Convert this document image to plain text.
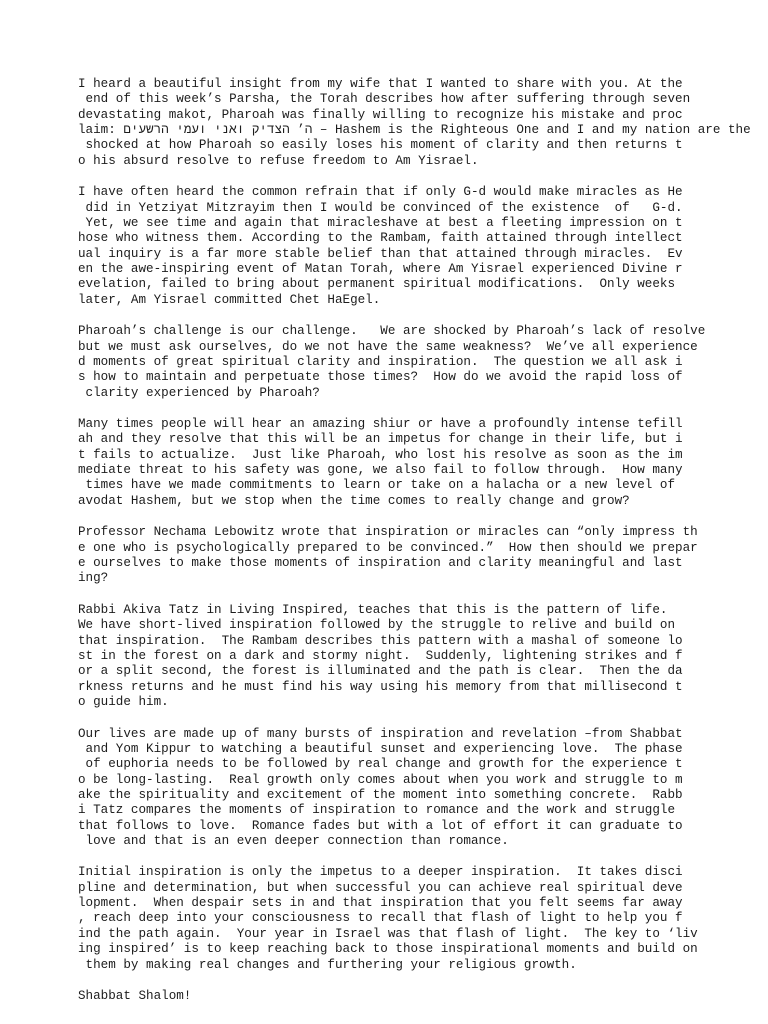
I heard a beautiful insight from my wife that I wanted to share with you. At the
end of this week’s Parsha, the Torah describes how after suffering through seven
devastating makot, Pharoah was finally willing to recognize his mistake and proc
laim: ה’ הצדיק ואני ועמי הרשעים – Hashem is the Righteous One and I and my nation are the
shocked at how Pharoah so easily loses his moment of clarity and then returns t
o his absurd resolve to refuse freedom to Am Yisrael.
I have often heard the common refrain that if only G-d would make miracles as He
did in Yetziyat Mitzrayim then I would be convinced of the existence  of   G-d.
Yet, we see time and again that miracleshave at best a fleeting impression on t
hose who witness them. According to the Rambam, faith attained through intellect
ual inquiry is a far more stable belief than that attained through miracles.  Ev
en the awe-inspiring event of Matan Torah, where Am Yisrael experienced Divine r
evelation, failed to bring about permanent spiritual modifications.  Only weeks
later, Am Yisrael committed Chet HaEgel.
Pharoah’s challenge is our challenge.   We are shocked by Pharoah’s lack of resolve
but we must ask ourselves, do we not have the same weakness?  We’ve all experience
d moments of great spiritual clarity and inspiration.  The question we all ask i
s how to maintain and perpetuate those times?  How do we avoid the rapid loss of
clarity experienced by Pharoah?
Many times people will hear an amazing shiur or have a profoundly intense tefill
ah and they resolve that this will be an impetus for change in their life, but i
t fails to actualize.  Just like Pharoah, who lost his resolve as soon as the im
mediate threat to his safety was gone, we also fail to follow through.  How many
times have we made commitments to learn or take on a halacha or a new level of
avodat Hashem, but we stop when the time comes to really change and grow?
Professor Nechama Lebowitz wrote that inspiration or miracles can “only impress th
e one who is psychologically prepared to be convinced.”  How then should we prepar
e ourselves to make those moments of inspiration and clarity meaningful and last
ing?
Rabbi Akiva Tatz in Living Inspired, teaches that this is the pattern of life.
We have short-lived inspiration followed by the struggle to relive and build on
that inspiration.  The Rambam describes this pattern with a mashal of someone lo
st in the forest on a dark and stormy night.  Suddenly, lightening strikes and f
or a split second, the forest is illuminated and the path is clear.  Then the da
rkness returns and he must find his way using his memory from that millisecond t
o guide him.
Our lives are made up of many bursts of inspiration and revelation –from Shabbat
and Yom Kippur to watching a beautiful sunset and experiencing love.  The phase
of euphoria needs to be followed by real change and growth for the experience t
o be long-lasting.  Real growth only comes about when you work and struggle to m
ake the spirituality and excitement of the moment into something concrete.  Rabb
i Tatz compares the moments of inspiration to romance and the work and struggle
that follows to love.  Romance fades but with a lot of effort it can graduate to
love and that is an even deeper connection than romance.
Initial inspiration is only the impetus to a deeper inspiration.  It takes disci
pline and determination, but when successful you can achieve real spiritual deve
lopment.  When despair sets in and that inspiration that you felt seems far away
, reach deep into your consciousness to recall that flash of light to help you f
ind the path again.  Your year in Israel was that flash of light.  The key to ‘liv
ing inspired’ is to keep reaching back to those inspirational moments and build on
them by making real changes and furthering your religious growth.
Shabbat Shalom!
